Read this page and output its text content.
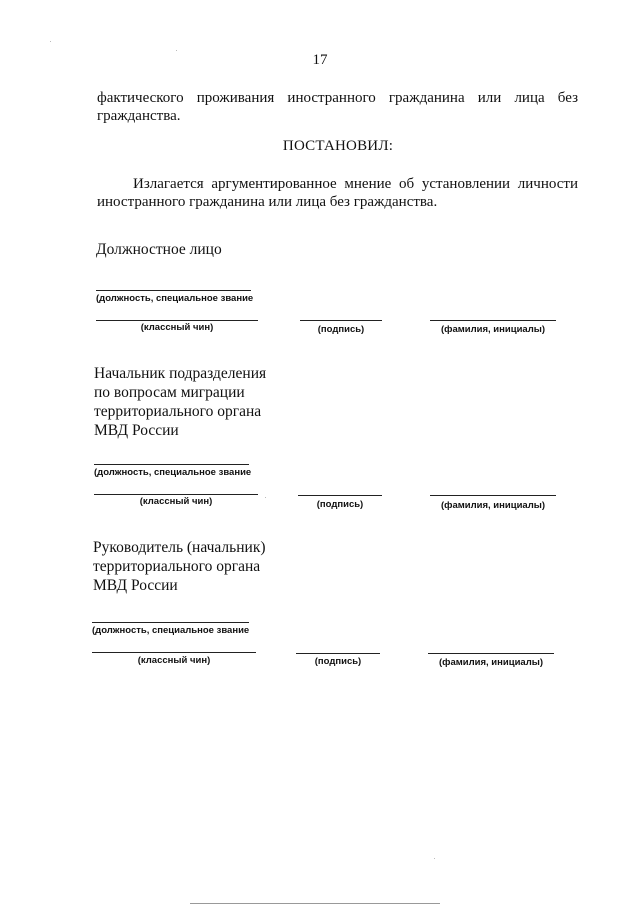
17
фактического проживания иностранного гражданина или лица без
гражданства.
ПОСТАНОВИЛ:
Излагается аргументированное мнение об установлении личности
иностранного гражданина или лица без гражданства.
Должностное лицо
(должность, специальное звание
(классный чин)	(подпись)	(фамилия, инициалы)
Начальник подразделения
по вопросам миграции
территориального органа
МВД России
(должность, специальное звание
(классный чин)	(подпись)	(фамилия, инициалы)
Руководитель (начальник)
территориального органа
МВД России
(должность, специальное звание
(классный чин)	(подпись)	(фамилия, инициалы)
